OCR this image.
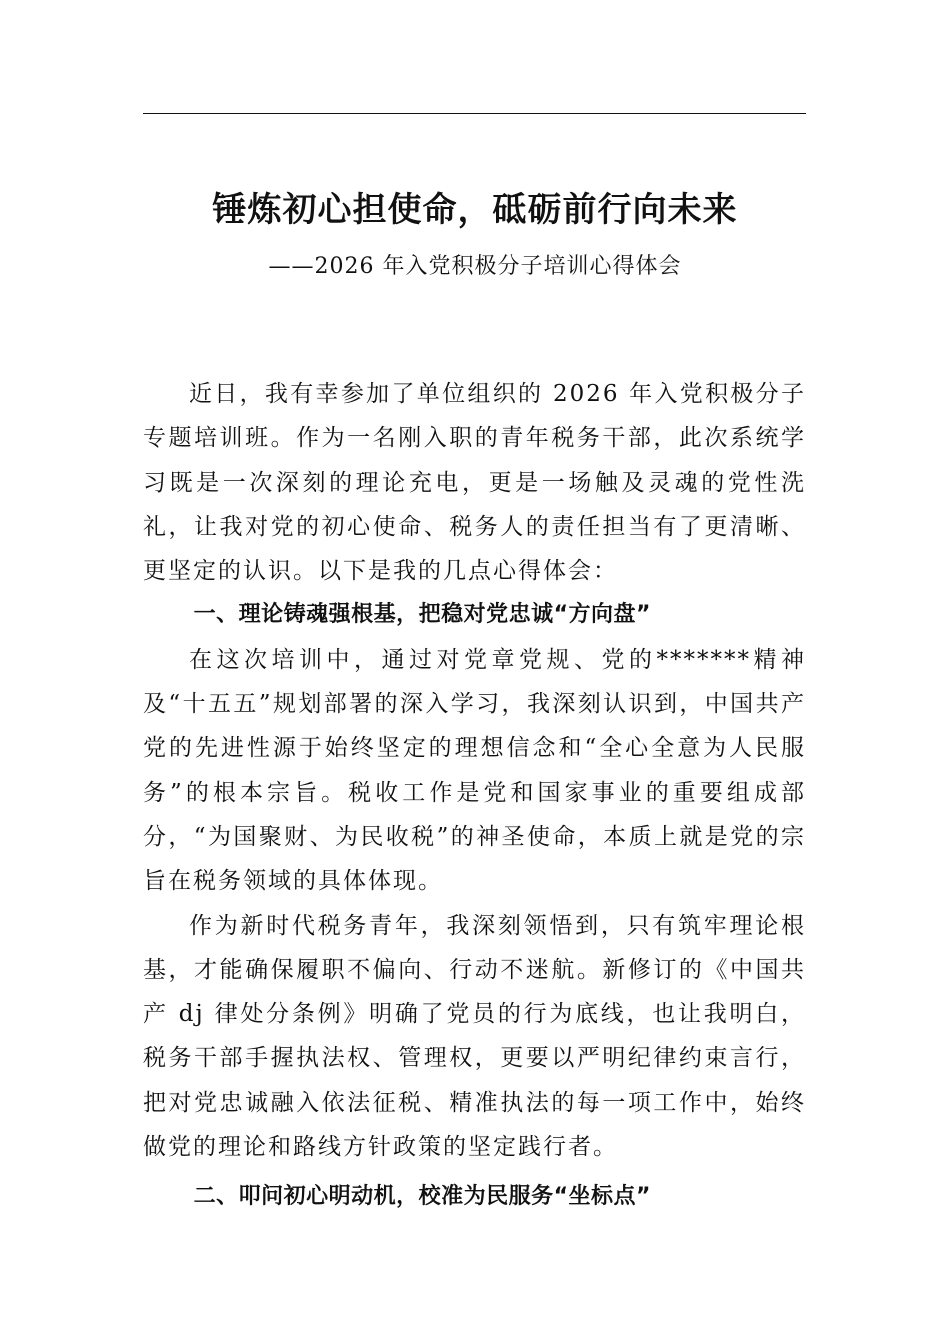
锤炼初心担使命，砥砺前行向未来
——2026 年入党积极分子培训心得体会

近日，我有幸参加了单位组织的 2026 年入党积极分子专题培训班。作为一名刚入职的青年税务干部，此次系统学习既是一次深刻的理论充电，更是一场触及灵魂的党性洗礼，让我对党的初心使命、税务人的责任担当有了更清晰、更坚定的认识。以下是我的几点心得体会：

一、理论铸魂强根基，把稳对党忠诚“方向盘”

在这次培训中，通过对党章党规、党的*******精神及“十五五”规划部署的深入学习，我深刻认识到，中国共产党的先进性源于始终坚定的理想信念和“全心全意为人民服务”的根本宗旨。税收工作是党和国家事业的重要组成部分，“为国聚财、为民收税”的神圣使命，本质上就是党的宗旨在税务领域的具体体现。

作为新时代税务青年，我深刻领悟到，只有筑牢理论根基，才能确保履职不偏向、行动不迷航。新修订的《中国共产 dj 律处分条例》明确了党员的行为底线，也让我明白，税务干部手握执法权、管理权，更要以严明纪律约束言行，把对党忠诚融入依法征税、精准执法的每一项工作中，始终做党的理论和路线方针政策的坚定践行者。

二、叩问初心明动机，校准为民服务“坐标点”
